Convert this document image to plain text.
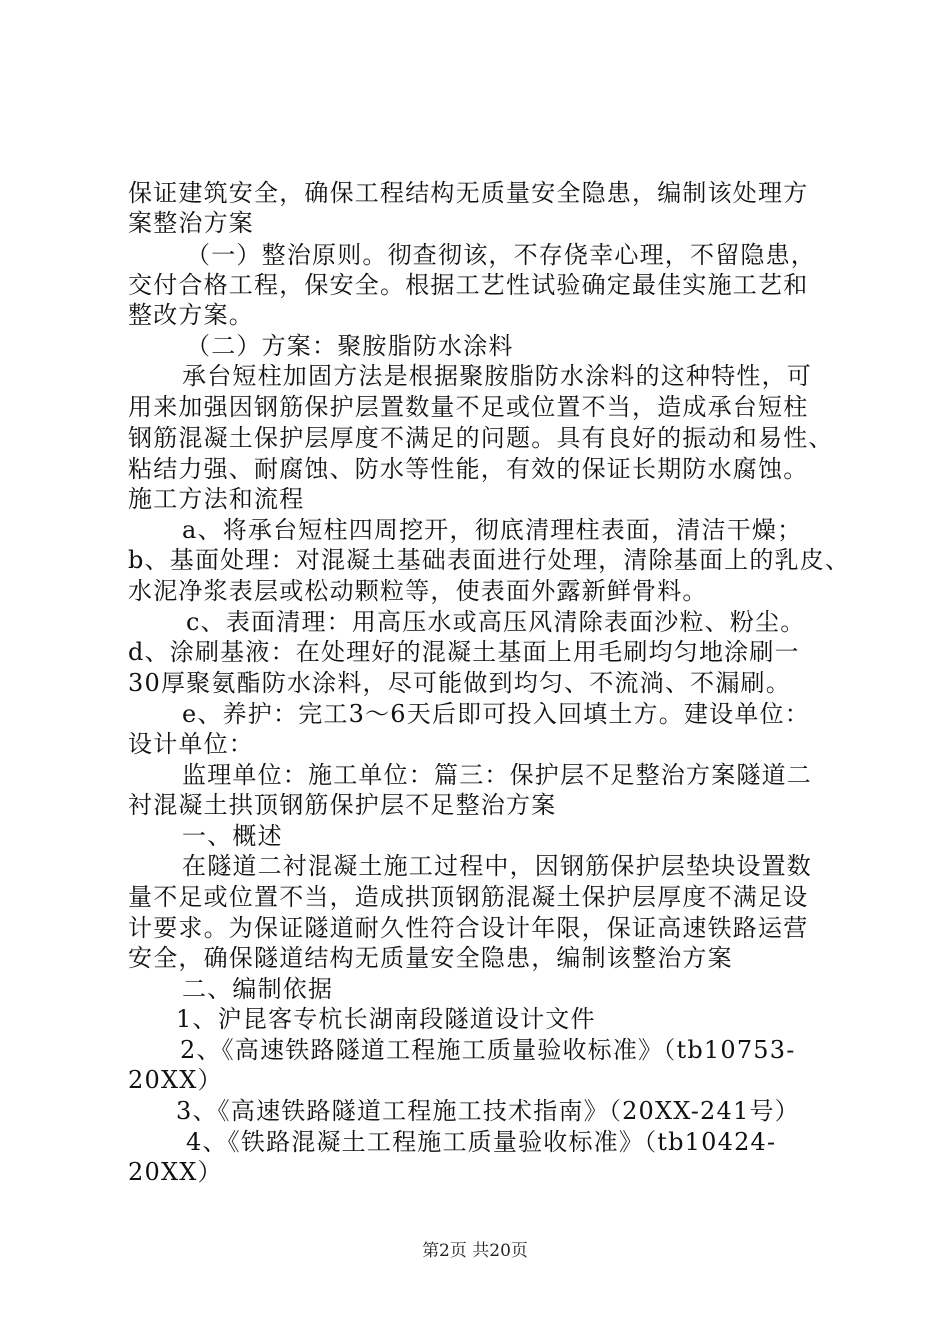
保证建筑安全，确保工程结构无质量安全隐患，编制该处理方
案整治方案
（一）整治原则。彻查彻该，不存侥幸心理，不留隐患，
交付合格工程，保安全。根据工艺性试验确定最佳实施工艺和
整改方案。
（二）方案：聚胺脂防水涂料
承台短柱加固方法是根据聚胺脂防水涂料的这种特性，可
用来加强因钢筋保护层置数量不足或位置不当，造成承台短柱
钢筋混凝土保护层厚度不满足的问题。具有良好的振动和易性、
粘结力强、耐腐蚀、防水等性能，有效的保证长期防水腐蚀。
施工方法和流程
a、将承台短柱四周挖开，彻底清理柱表面，清洁干燥；
b、基面处理：对混凝土基础表面进行处理，清除基面上的乳皮、
水泥净浆表层或松动颗粒等，使表面外露新鲜骨料。
c、表面清理：用高压水或高压风清除表面沙粒、粉尘。
d、涂刷基液：在处理好的混凝土基面上用毛刷均匀地涂刷一
30厚聚氨酯防水涂料，尽可能做到均匀、不流淌、不漏刷。
e、养护：完工3～6天后即可投入回填土方。建设单位：
设计单位：
监理单位：施工单位：篇三：保护层不足整治方案隧道二
衬混凝土拱顶钢筋保护层不足整治方案
一、概述
在隧道二衬混凝土施工过程中，因钢筋保护层垫块设置数
量不足或位置不当，造成拱顶钢筋混凝土保护层厚度不满足设
计要求。为保证隧道耐久性符合设计年限，保证高速铁路运营
安全，确保隧道结构无质量安全隐患，编制该整治方案
二、编制依据
1、沪昆客专杭长湖南段隧道设计文件
2、《高速铁路隧道工程施工质量验收标准》（tb10753-
20XX）
3、《高速铁路隧道工程施工技术指南》（20XX-241号）
4、《铁路混凝土工程施工质量验收标准》（tb10424-
20XX）
第2页 共20页
